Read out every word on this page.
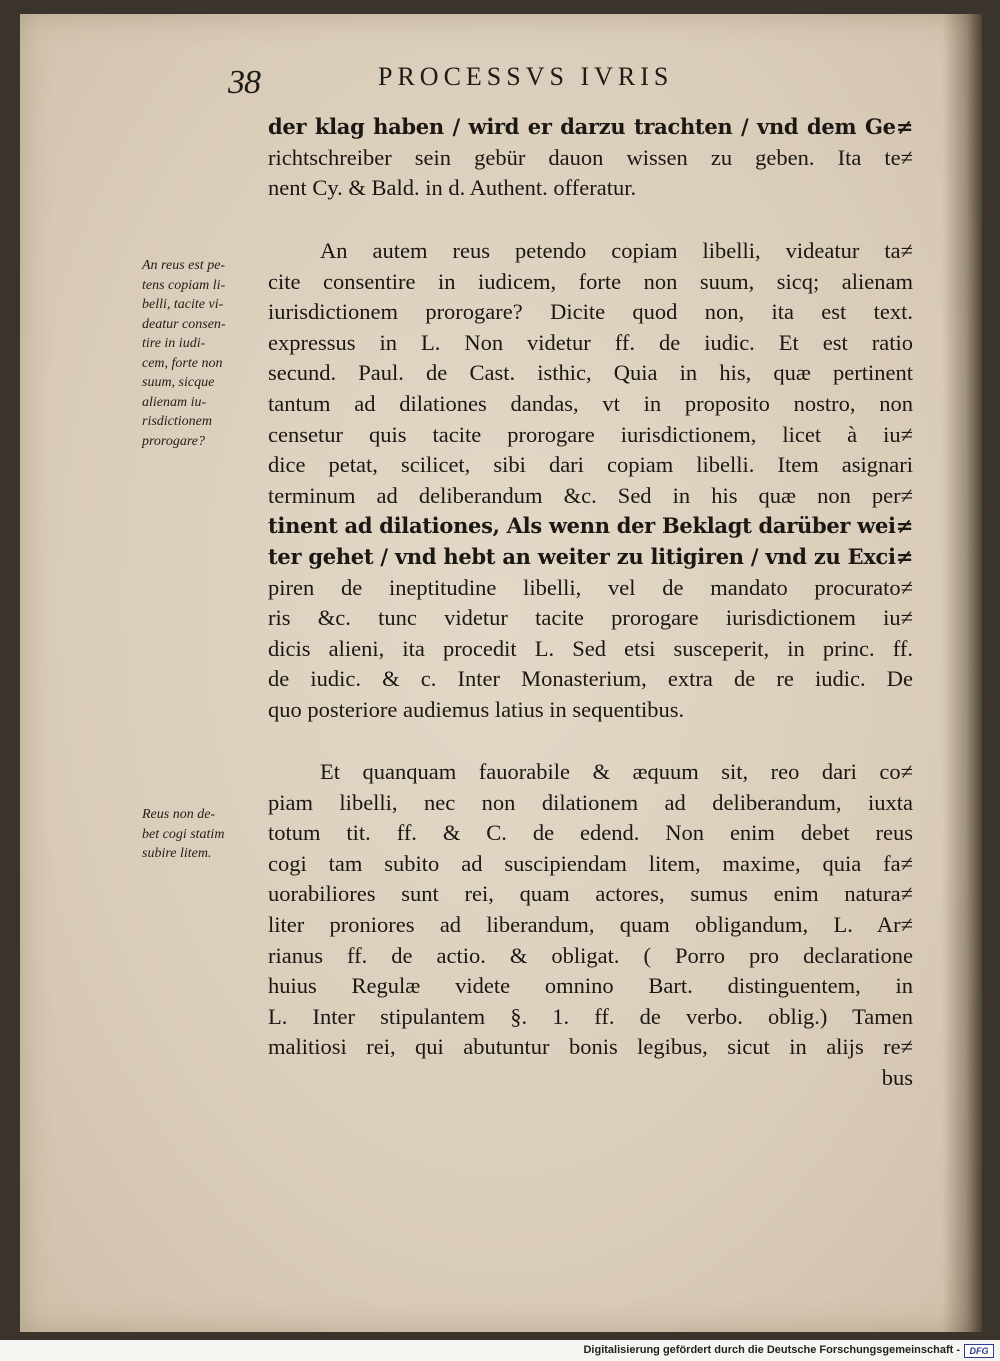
38	PROCESSVS IVRIS
der klag haben / wird er darzu trachten / vnd dem Ge≠
richtschreiber sein gebür dauon wissen zu geben. Ita te≠
nent Cy. & Bald. in d. Authent. offeratur.
An reus est pe-
tens copiam li-
belli, tacite vi-
deatur consen-
tire in iudi-
cem, forte non
suum, sicque
alienam iu-
risdictionem
prorogare?
An autem reus petendo copiam libelli, videatur ta≠
cite consentire in iudicem, forte non suum, sicq; alienam
iurisdictionem prorogare? Dicite quod non, ita est text.
expressus in L. Non videtur ff. de iudic. Et est ratio
secund. Paul. de Cast. isthic, Quia in his, quæ pertinent
tantum ad dilationes dandas, vt in proposito nostro, non
censetur quis tacite prorogare iurisdictionem, licet à iu≠
dice petat, scilicet, sibi dari copiam libelli. Item asignari
terminum ad deliberandum &c. Sed in his quæ non per≠
tinent ad dilationes, Als wenn der Beklagt darüber wei≠
ter gehet / vnd hebt an weiter zu litigiren / vnd zu Exci≠
piren de ineptitudine libelli, vel de mandato procurato≠
ris &c. tunc videtur tacite prorogare iurisdictionem iu≠
dicis alieni, ita procedit L. Sed etsi susceperit, in princ. ff.
de iudic. & c. Inter Monasterium, extra de re iudic. De
quo posteriore audiemus latius in sequentibus.
Reus non de-
bet cogi statim
subire litem.
Et quanquam fauorabile & æquum sit, reo dari co≠
piam libelli, nec non dilationem ad deliberandum, iuxta
totum tit. ff. & C. de edend. Non enim debet reus
cogi tam subito ad suscipiendam litem, maxime, quia fa≠
uorabiliores sunt rei, quam actores, sumus enim natura≠
liter proniores ad liberandum, quam obligandum, L. Ar≠
rianus ff. de actio. & obligat. ( Porro pro declaratione
huius Regulæ videte omnino Bart. distinguentem, in
L. Inter stipulantem §. 1. ff. de verbo. oblig.) Tamen
malitiosi rei, qui abutuntur bonis legibus, sicut in alijs re≠
bus
Digitalisierung gefördert durch die Deutsche Forschungsgemeinschaft -	DFG
